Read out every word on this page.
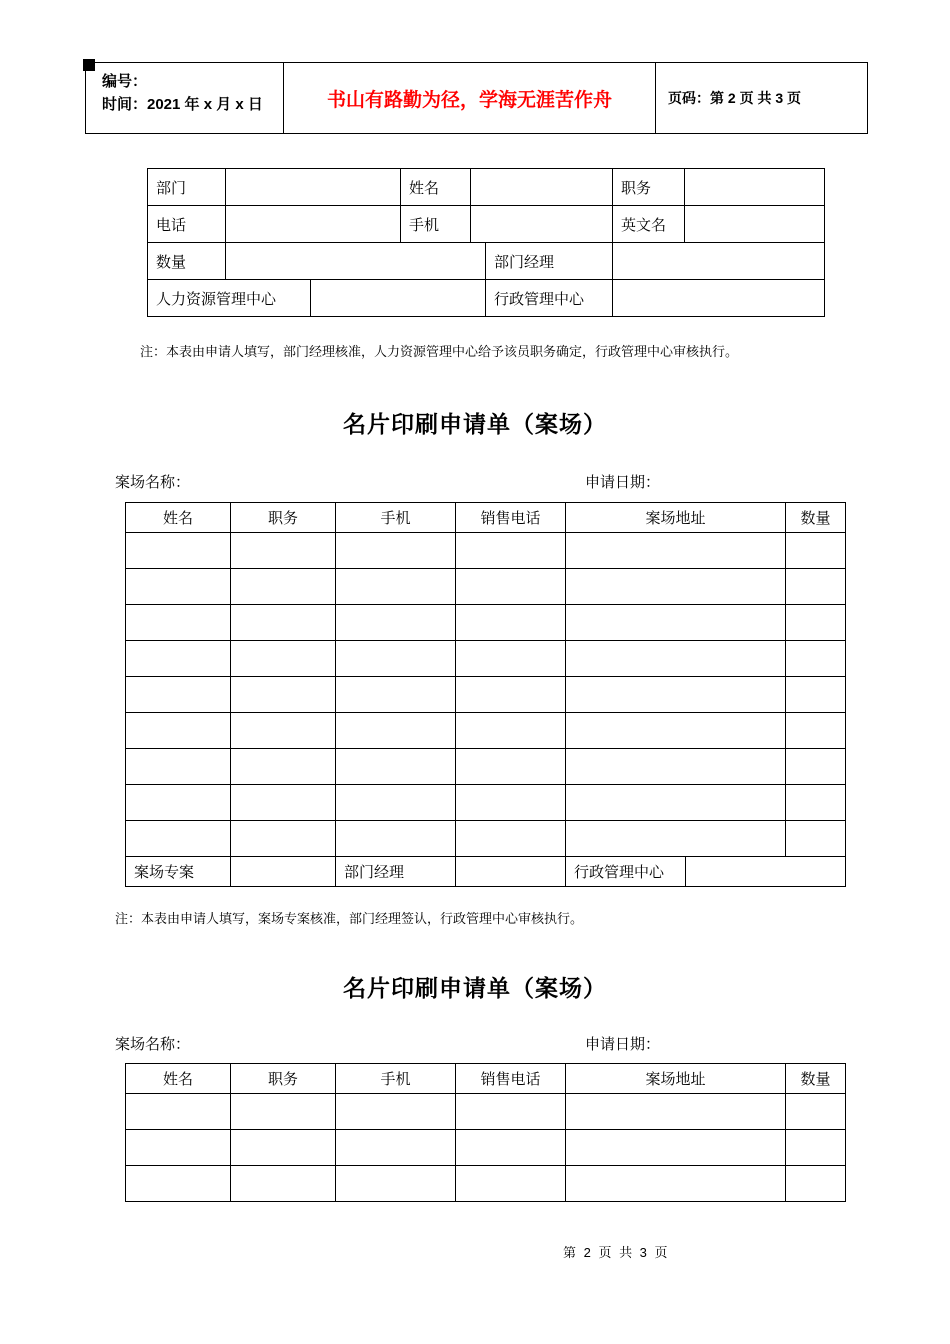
编号：
时间：2021 年 x 月 x 日	书山有路勤为径，学海无涯苦作舟	页码：第 2 页 共 3 页
部门			姓名			职务	
电话			手机			英文名	
数量					部门经理		
人力资源管理中心					行政管理中心		
注：本表由申请人填写，部门经理核准，人力资源管理中心给予该员职务确定，行政管理中心审核执行。
名片印刷申请单（案场）
案场名称：	申请日期：
姓名	职务	手机	销售电话	案场地址		数量

案场专案		部门经理		行政管理中心		
注：本表由申请人填写，案场专案核准，部门经理签认，行政管理中心审核执行。
名片印刷申请单（案场）
案场名称：	申请日期：
姓名	职务	手机	销售电话	案场地址	数量

第 2 页 共 3 页
